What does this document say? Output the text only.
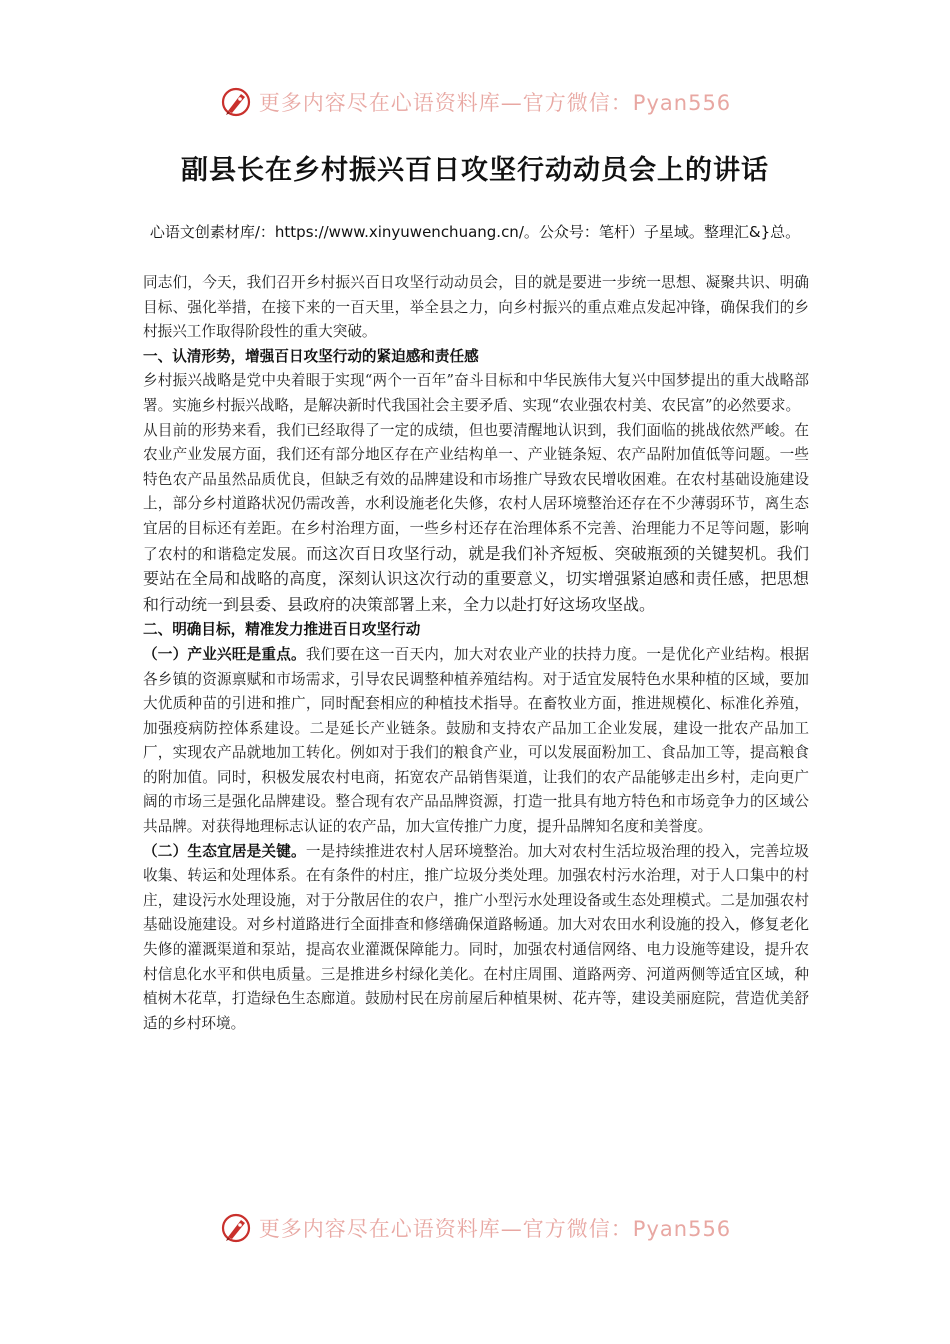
更多内容尽在心语资料库—官方微信：Pyan556
副县长在乡村振兴百日攻坚行动动员会上的讲话

心语文创素材库/：https://www.xinyuwenchuang.cn/。公众号：笔杆）子星域。整理汇&}总。

同志们，今天，我们召开乡村振兴百日攻坚行动动员会，目的就是要进一步统一思想、凝聚共识、明确目标、强化举措，在接下来的一百天里，举全县之力，向乡村振兴的重点难点发起冲锋，确保我们的乡村振兴工作取得阶段性的重大突破。

一、认清形势，增强百日攻坚行动的紧迫感和责任感

乡村振兴战略是党中央着眼于实现“两个一百年”奋斗目标和中华民族伟大复兴中国梦提出的重大战略部署。实施乡村振兴战略，是解决新时代我国社会主要矛盾、实现“农业强农村美、农民富”的必然要求。

从目前的形势来看，我们已经取得了一定的成绩，但也要清醒地认识到，我们面临的挑战依然严峻。在农业产业发展方面，我们还有部分地区存在产业结构单一、产业链条短、农产品附加值低等问题。一些特色农产品虽然品质优良，但缺乏有效的品牌建设和市场推广导致农民增收困难。在农村基础设施建设上，部分乡村道路状况仍需改善，水利设施老化失修，农村人居环境整治还存在不少薄弱环节，离生态宜居的目标还有差距。在乡村治理方面，一些乡村还存在治理体系不完善、治理能力不足等问题，影响了农村的和谐稳定发展。而这次百日攻坚行动，就是我们补齐短板、突破瓶颈的关键契机。我们要站在全局和战略的高度，深刻认识这次行动的重要意义，切实增强紧迫感和责任感，把思想和行动统一到县委、县政府的决策部署上来，全力以赴打好这场攻坚战。

二、明确目标，精准发力推进百日攻坚行动

（一）产业兴旺是重点。我们要在这一百天内，加大对农业产业的扶持力度。一是优化产业结构。根据各乡镇的资源禀赋和市场需求，引导农民调整种植养殖结构。对于适宜发展特色水果种植的区域，要加大优质种苗的引进和推广，同时配套相应的种植技术指导。在畜牧业方面，推进规模化、标准化养殖，加强疫病防控体系建设。二是延长产业链条。鼓励和支持农产品加工企业发展，建设一批农产品加工厂，实现农产品就地加工转化。例如对于我们的粮食产业，可以发展面粉加工、食品加工等，提高粮食的附加值。同时，积极发展农村电商，拓宽农产品销售渠道，让我们的农产品能够走出乡村，走向更广阔的市场三是强化品牌建设。整合现有农产品品牌资源，打造一批具有地方特色和市场竞争力的区域公共品牌。对获得地理标志认证的农产品，加大宣传推广力度，提升品牌知名度和美誉度。

（二）生态宜居是关键。一是持续推进农村人居环境整治。加大对农村生活垃圾治理的投入，完善垃圾收集、转运和处理体系。在有条件的村庄，推广垃圾分类处理。加强农村污水治理，对于人口集中的村庄，建设污水处理设施，对于分散居住的农户，推广小型污水处理设备或生态处理模式。二是加强农村基础设施建设。对乡村道路进行全面排查和修缮确保道路畅通。加大对农田水利设施的投入，修复老化失修的灌溉渠道和泵站，提高农业灌溉保障能力。同时，加强农村通信网络、电力设施等建设，提升农村信息化水平和供电质量。三是推进乡村绿化美化。在村庄周围、道路两旁、河道两侧等适宜区域，种植树木花草，打造绿色生态廊道。鼓励村民在房前屋后种植果树、花卉等，建设美丽庭院，营造优美舒适的乡村环境。

更多内容尽在心语资料库—官方微信：Pyan556
